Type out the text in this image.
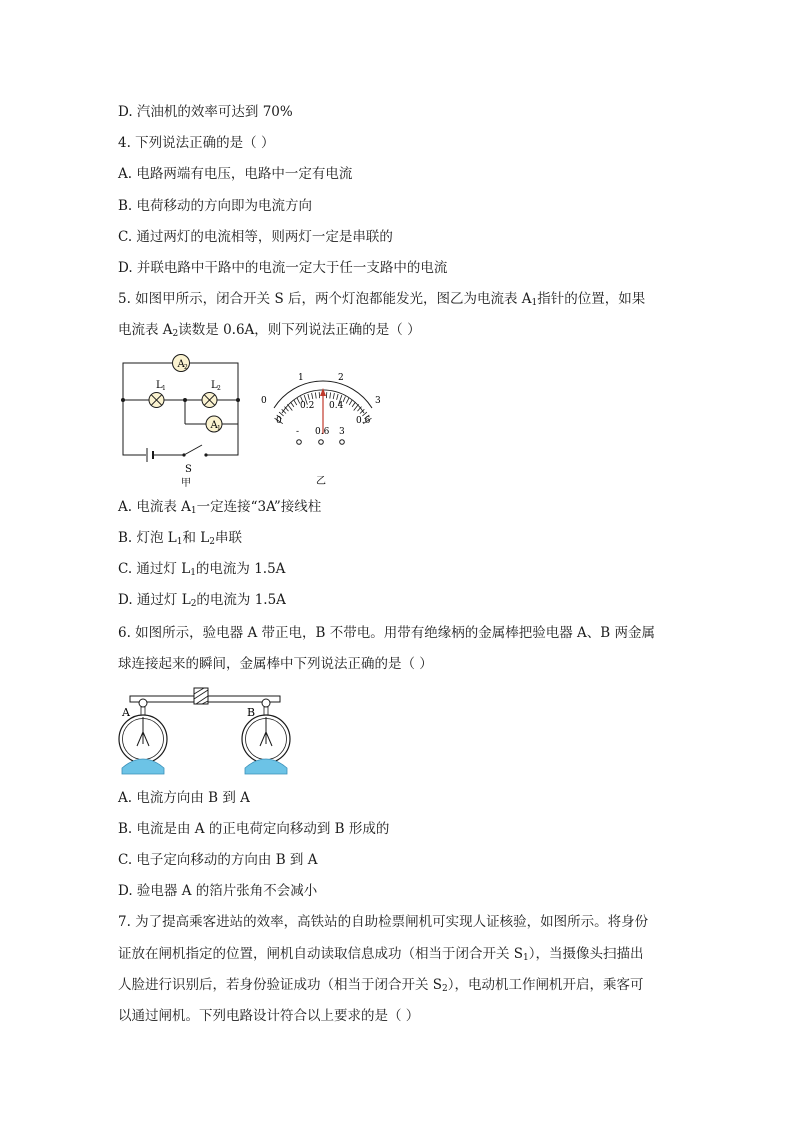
D. 汽油机的效率可达到 70%
4. 下列说法正确的是（ ）
A. 电路两端有电压，电路中一定有电流
B. 电荷移动的方向即为电流方向
C. 通过两灯的电流相等，则两灯一定是串联的
D. 并联电路中干路中的电流一定大于任一支路中的电流
5. 如图甲所示，闭合开关 S 后，两个灯泡都能发光，图乙为电流表 $A_1$指针的位置，如果
电流表 $A_2$读数是 0.6A，则下列说法正确的是（ ）
A 2
L 1	L 2
A 1
S
甲
0
1	2
3
0
0.2 0.4
0.6
- 0.6 3
乙
A. 电流表 $A_1$一定连接“3A”接线柱
B. 灯泡 $L_1$和 $L_2$串联
C. 通过灯 $L_1$的电流为 1.5A
D. 通过灯 $L_2$的电流为 1.5A
6. 如图所示，验电器 A 带正电，B 不带电。用带有绝缘柄的金属棒把验电器 A、B 两金属
球连接起来的瞬间，金属棒中下列说法正确的是（ ）
A	B
A. 电流方向由 B 到 A
B. 电流是由 A 的正电荷定向移动到 B 形成的
C. 电子定向移动的方向由 B 到 A
D. 验电器 A 的箔片张角不会减小
7. 为了提高乘客进站的效率，高铁站的自助检票闸机可实现人证核验，如图所示。将身份
证放在闸机指定的位置，闸机自动读取信息成功（相当于闭合开关 $S_1$），当摄像头扫描出
人脸进行识别后，若身份验证成功（相当于闭合开关 $S_2$），电动机工作闸机开启，乘客可
以通过闸机。下列电路设计符合以上要求的是（ ）
